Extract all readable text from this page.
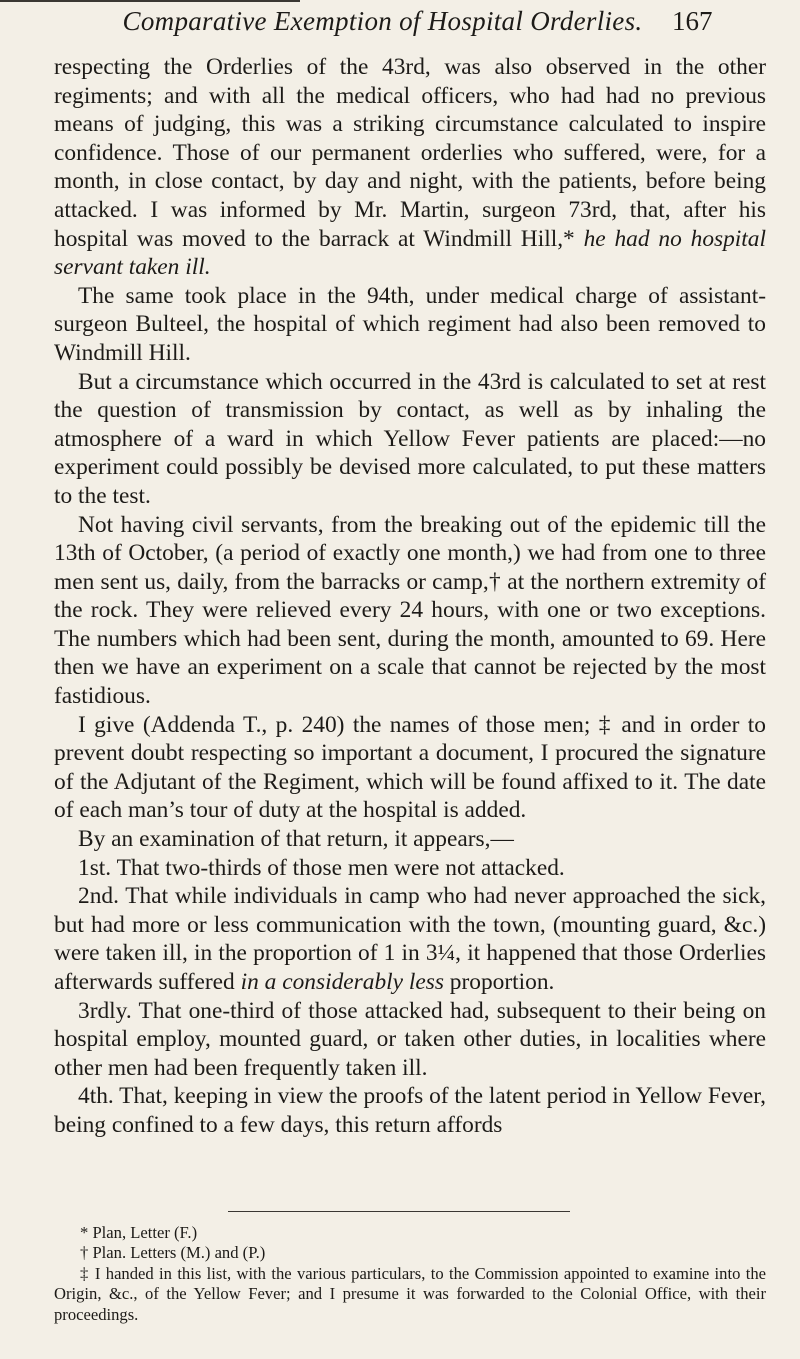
Comparative Exemption of Hospital Orderlies.	167

respecting the Orderlies of the 43rd, was also observed in the other regiments; and with all the medical officers, who had had no previous means of judging, this was a striking circumstance calculated to inspire confidence. Those of our permanent orderlies who suffered, were, for a month, in close contact, by day and night, with the patients, before being attacked. I was informed by Mr. Martin, surgeon 73rd, that, after his hospital was moved to the barrack at Windmill Hill,* he had no hospital servant taken ill.

The same took place in the 94th, under medical charge of assistant-surgeon Bulteel, the hospital of which regiment had also been removed to Windmill Hill.

But a circumstance which occurred in the 43rd is calculated to set at rest the question of transmission by contact, as well as by inhaling the atmosphere of a ward in which Yellow Fever patients are placed:—no experiment could possibly be devised more calculated, to put these matters to the test.

Not having civil servants, from the breaking out of the epidemic till the 13th of October, (a period of exactly one month,) we had from one to three men sent us, daily, from the barracks or camp,† at the northern extremity of the rock. They were relieved every 24 hours, with one or two exceptions. The numbers which had been sent, during the month, amounted to 69. Here then we have an experiment on a scale that cannot be rejected by the most fastidious.

I give (Addenda T., p. 240) the names of those men; ‡ and in order to prevent doubt respecting so important a document, I procured the signature of the Adjutant of the Regiment, which will be found affixed to it. The date of each man’s tour of duty at the hospital is added.

By an examination of that return, it appears,—

1st. That two-thirds of those men were not attacked.

2nd. That while individuals in camp who had never approached the sick, but had more or less communication with the town, (mounting guard, &c.) were taken ill, in the proportion of 1 in 3¼, it happened that those Orderlies afterwards suffered in a considerably less proportion.

3rdly. That one-third of those attacked had, subsequent to their being on hospital employ, mounted guard, or taken other duties, in localities where other men had been frequently taken ill.

4th. That, keeping in view the proofs of the latent period in Yellow Fever, being confined to a few days, this return affords

* Plan, Letter (F.)

† Plan. Letters (M.) and (P.)

‡ I handed in this list, with the various particulars, to the Commission appointed to examine into the Origin, &c., of the Yellow Fever; and I presume it was forwarded to the Colonial Office, with their proceedings.
